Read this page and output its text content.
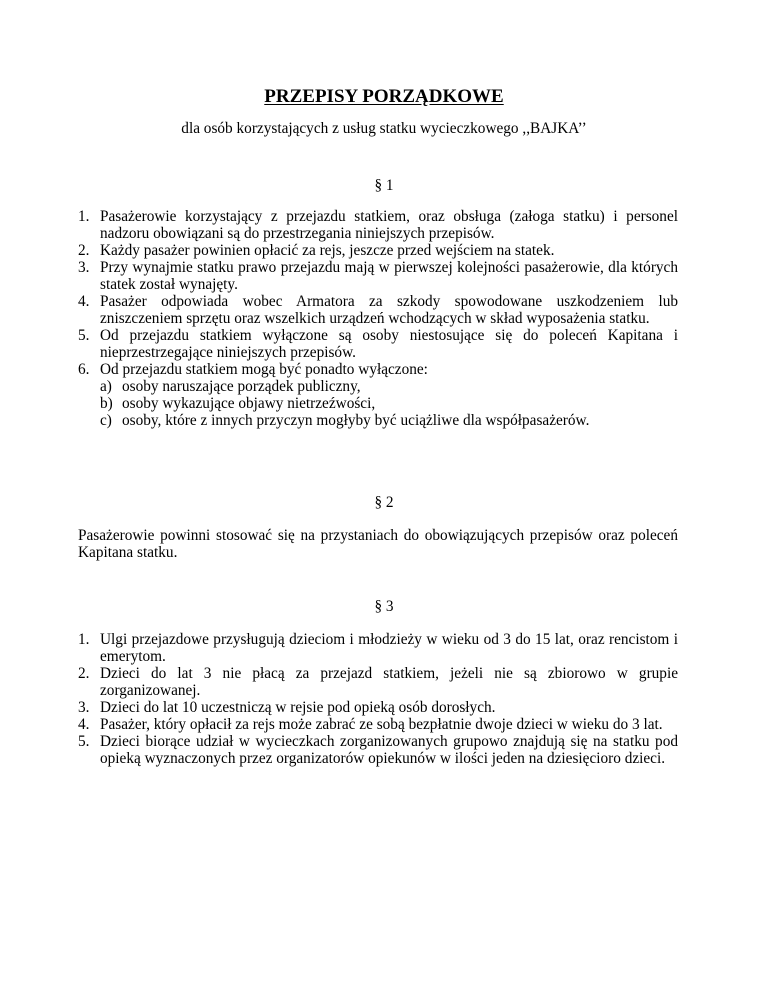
PRZEPISY PORZĄDKOWE
dla osób korzystających z usług statku wycieczkowego ,,BAJKA’’
§ 1
1. Pasażerowie korzystający z przejazdu statkiem, oraz obsługa (załoga statku) i personel nadzoru obowiązani są do przestrzegania niniejszych przepisów.
2. Każdy pasażer powinien opłacić za rejs, jeszcze przed wejściem na statek.
3. Przy wynajmie statku prawo przejazdu mają w pierwszej kolejności pasażerowie, dla których statek został wynajęty.
4. Pasażer odpowiada wobec Armatora za szkody spowodowane uszkodzeniem lub zniszczeniem sprzętu oraz wszelkich urządzeń wchodzących w skład wyposażenia statku.
5. Od przejazdu statkiem wyłączone są osoby niestosujące się do poleceń Kapitana i nieprzestrzegające niniejszych przepisów.
6. Od przejazdu statkiem mogą być ponadto wyłączone:
a) osoby naruszające porządek publiczny,
b) osoby wykazujące objawy nietrzeźwości,
c) osoby, które z innych przyczyn mogłyby być uciążliwe dla współpasażerów.
§ 2
Pasażerowie powinni stosować się na przystaniach do obowiązujących przepisów oraz poleceń Kapitana statku.
§ 3
1. Ulgi przejazdowe przysługują dzieciom i młodzieży w wieku od 3 do 15 lat, oraz rencistom i emerytom.
2. Dzieci do lat 3 nie płacą za przejazd statkiem, jeżeli nie są zbiorowo w grupie zorganizowanej.
3. Dzieci do lat 10 uczestniczą w rejsie pod opieką osób dorosłych.
4. Pasażer, który opłacił za rejs może zabrać ze sobą bezpłatnie dwoje dzieci w wieku do 3 lat.
5. Dzieci biorące udział w wycieczkach zorganizowanych grupowo znajdują się na statku pod opieką wyznaczonych przez organizatorów opiekunów w ilości jeden na dziesięcioro dzieci.
